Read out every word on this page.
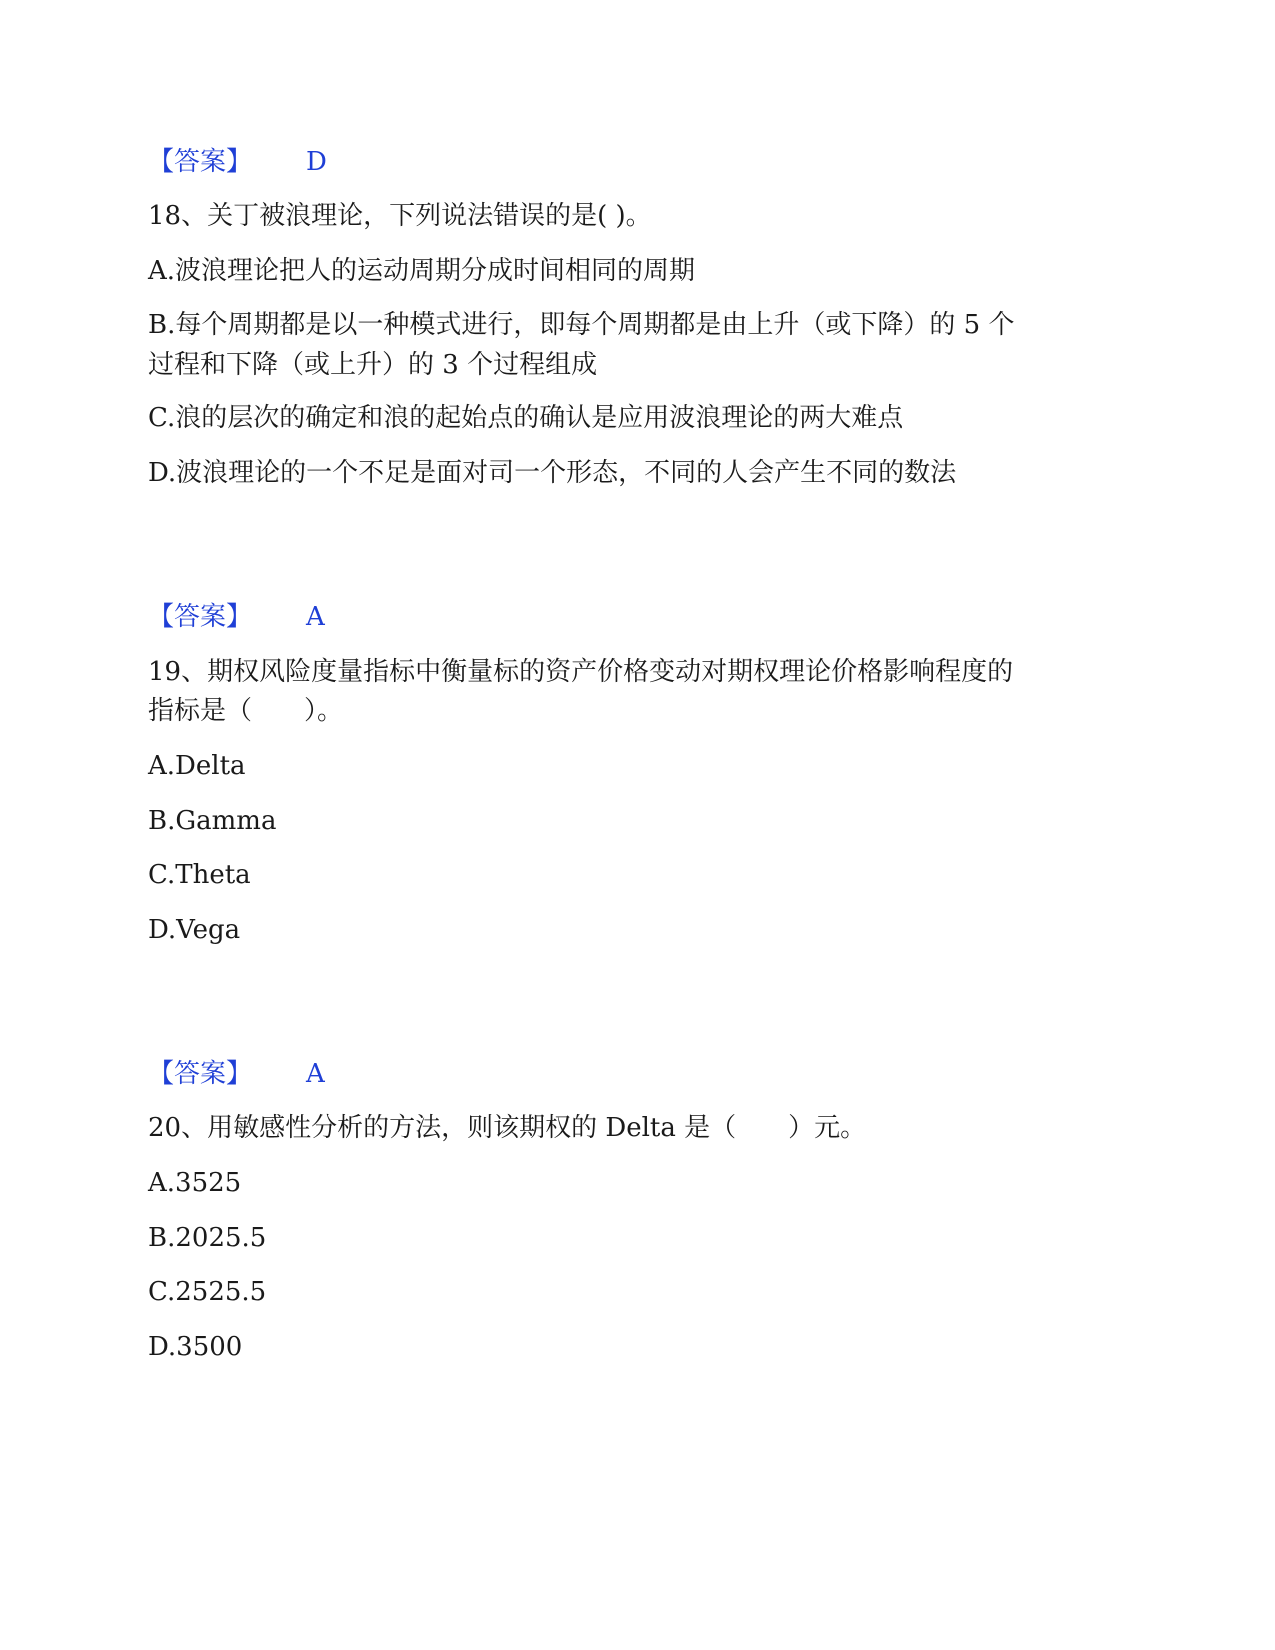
【答案】 D
18、关丁被浪理论，下列说法错误的是( )。
A.波浪理论把人的运动周期分成时间相同的周期
B.每个周期都是以一种模式进行，即每个周期都是由上升（或下降）的 5 个
过程和下降（或上升）的 3 个过程组成
C.浪的层次的确定和浪的起始点的确认是应用波浪理论的两大难点
D.波浪理论的一个不足是面对司一个形态，不同的人会产生不同的数法
【答案】 A
19、期权风险度量指标中衡量标的资产价格变动对期权理论价格影响程度的
指标是（　　）。
A.Delta
B.Gamma
C.Theta
D.Vega
【答案】 A
20、用敏感性分析的方法，则该期权的 Delta 是（　　）元。
A.3525
B.2025.5
C.2525.5
D.3500
